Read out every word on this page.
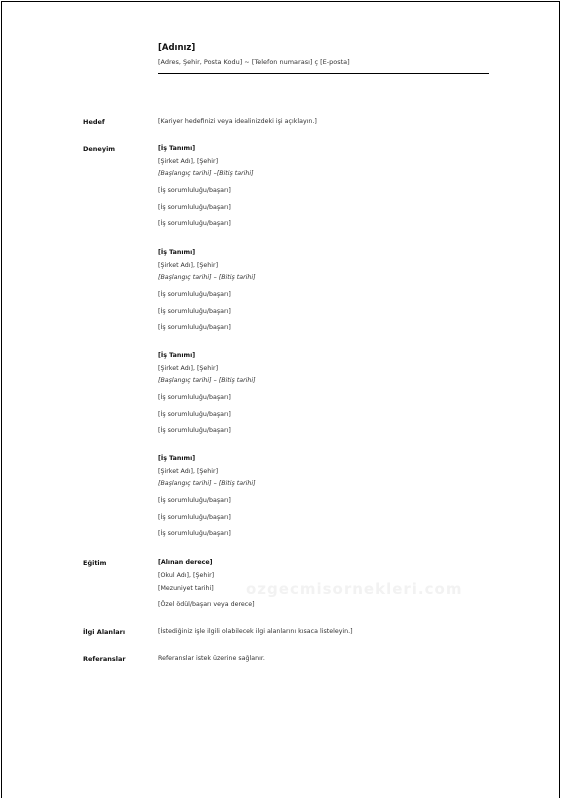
[Adınız]
[Adres, Şehir, Posta Kodu] ~ [Telefon numarası] ç [E-posta]
Hedef	[Kariyer hedefinizi veya idealinizdeki işi açıklayın.]
Deneyim	[İş Tanımı]
[Şirket Adı], [Şehir]
[Başlangıç tarihi] –[Bitiş tarihi]
[İş sorumluluğu/başarı]
[İş sorumluluğu/başarı]
[İş sorumluluğu/başarı]
[İş Tanımı]
[Şirket Adı], [Şehir]
[Başlangıç tarihi] – [Bitiş tarihi]
[İş sorumluluğu/başarı]
[İş sorumluluğu/başarı]
[İş sorumluluğu/başarı]
[İş Tanımı]
[Şirket Adı], [Şehir]
[Başlangıç tarihi] – [Bitiş tarihi]
[İş sorumluluğu/başarı]
[İş sorumluluğu/başarı]
[İş sorumluluğu/başarı]
[İş Tanımı]
[Şirket Adı], [Şehir]
[Başlangıç tarihi] – [Bitiş tarihi]
[İş sorumluluğu/başarı]
[İş sorumluluğu/başarı]
[İş sorumluluğu/başarı]
Eğitim	[Alınan derece]
[Okul Adı], [Şehir]
[Mezuniyet tarihi]
[Özel ödül/başarı veya derece]
ozgecmisornekleri.com
İlgi Alanları	[İstediğiniz işle ilgili olabilecek ilgi alanlarını kısaca listeleyin.]
Referanslar	Referanslar istek üzerine sağlanır.
